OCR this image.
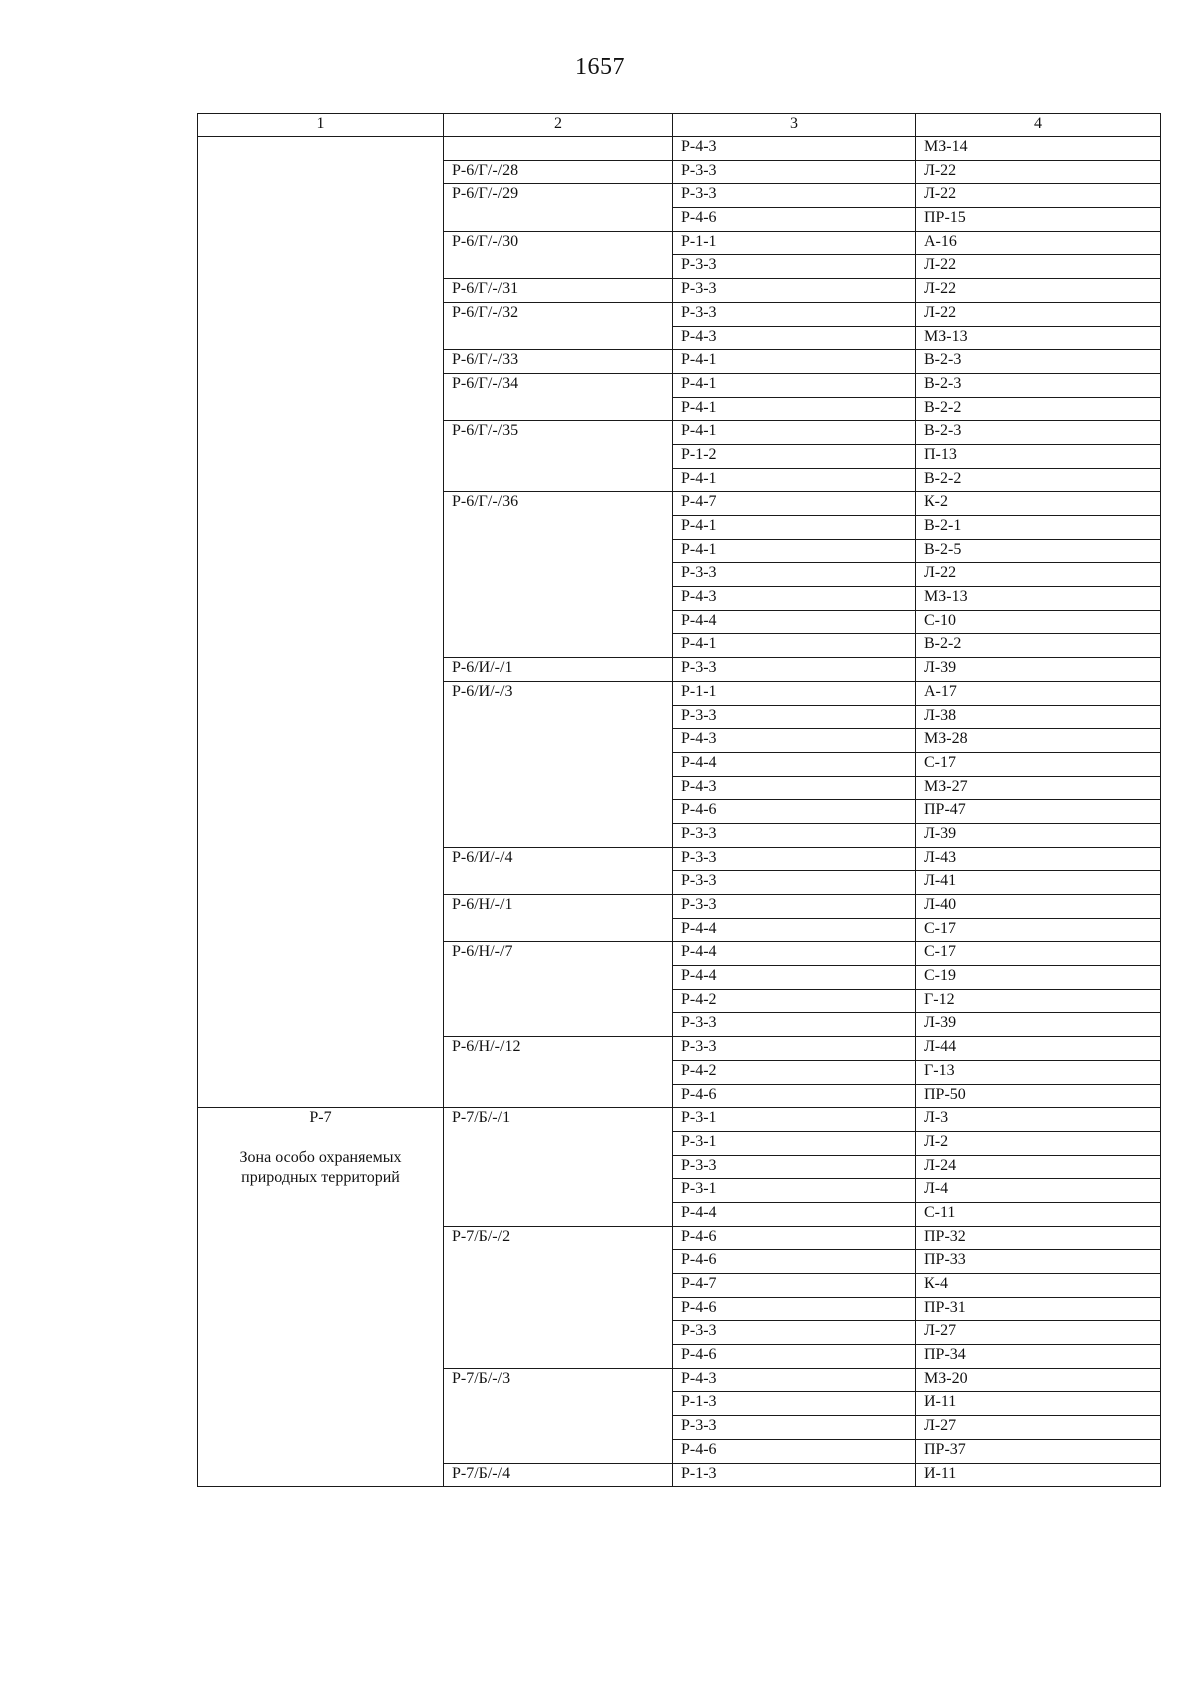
1657
1	2	3	4

		Р-4-3	МЗ-14
	Р-6/Г/-/28	Р-3-3	Л-22
	Р-6/Г/-/29	Р-3-3	Л-22
		Р-4-6	ПР-15
	Р-6/Г/-/30	Р-1-1	А-16
		Р-3-3	Л-22
	Р-6/Г/-/31	Р-3-3	Л-22
	Р-6/Г/-/32	Р-3-3	Л-22
		Р-4-3	МЗ-13
	Р-6/Г/-/33	Р-4-1	В-2-3
	Р-6/Г/-/34	Р-4-1	В-2-3
		Р-4-1	В-2-2
	Р-6/Г/-/35	Р-4-1	В-2-3
		Р-1-2	П-13
		Р-4-1	В-2-2
	Р-6/Г/-/36	Р-4-7	К-2
		Р-4-1	В-2-1
		Р-4-1	В-2-5
		Р-3-3	Л-22
		Р-4-3	МЗ-13
		Р-4-4	С-10
		Р-4-1	В-2-2
	Р-6/И/-/1	Р-3-3	Л-39
	Р-6/И/-/3	Р-1-1	А-17
		Р-3-3	Л-38
		Р-4-3	МЗ-28
		Р-4-4	С-17
		Р-4-3	МЗ-27
		Р-4-6	ПР-47
		Р-3-3	Л-39
	Р-6/И/-/4	Р-3-3	Л-43
		Р-3-3	Л-41
	Р-6/Н/-/1	Р-3-3	Л-40
		Р-4-4	С-17
	Р-6/Н/-/7	Р-4-4	С-17
		Р-4-4	С-19
		Р-4-2	Г-12
		Р-3-3	Л-39
	Р-6/Н/-/12	Р-3-3	Л-44
		Р-4-2	Г-13
		Р-4-6	ПР-50

Р-7
Зона особо охраняемых природных территорий	Р-7/Б/-/1	Р-3-1	Л-3
		Р-3-1	Л-2
		Р-3-3	Л-24
		Р-3-1	Л-4
		Р-4-4	С-11
	Р-7/Б/-/2	Р-4-6	ПР-32
		Р-4-6	ПР-33
		Р-4-7	К-4
		Р-4-6	ПР-31
		Р-3-3	Л-27
		Р-4-6	ПР-34
	Р-7/Б/-/3	Р-4-3	МЗ-20
		Р-1-3	И-11
		Р-3-3	Л-27
		Р-4-6	ПР-37
	Р-7/Б/-/4	Р-1-3	И-11
